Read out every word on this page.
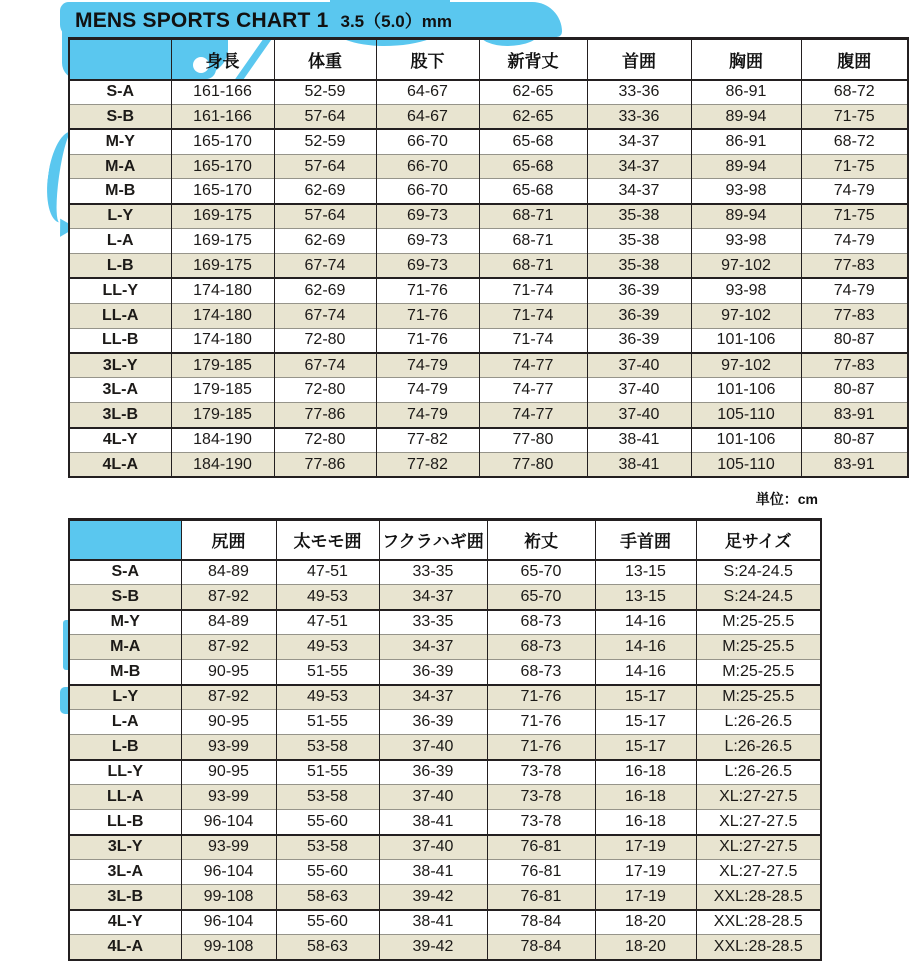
MENS SPORTS CHART 1 3.5（5.0）mm
単位：cm
	身長	体重	股下	新背丈	首囲	胸囲	腹囲
S-A	161-166	52-59	64-67	62-65	33-36	86-91	68-72
S-B	161-166	57-64	64-67	62-65	33-36	89-94	71-75
M-Y	165-170	52-59	66-70	65-68	34-37	86-91	68-72
M-A	165-170	57-64	66-70	65-68	34-37	89-94	71-75
M-B	165-170	62-69	66-70	65-68	34-37	93-98	74-79
L-Y	169-175	57-64	69-73	68-71	35-38	89-94	71-75
L-A	169-175	62-69	69-73	68-71	35-38	93-98	74-79
L-B	169-175	67-74	69-73	68-71	35-38	97-102	77-83
LL-Y	174-180	62-69	71-76	71-74	36-39	93-98	74-79
LL-A	174-180	67-74	71-76	71-74	36-39	97-102	77-83
LL-B	174-180	72-80	71-76	71-74	36-39	101-106	80-87
3L-Y	179-185	67-74	74-79	74-77	37-40	97-102	77-83
3L-A	179-185	72-80	74-79	74-77	37-40	101-106	80-87
3L-B	179-185	77-86	74-79	74-77	37-40	105-110	83-91
4L-Y	184-190	72-80	77-82	77-80	38-41	101-106	80-87
4L-A	184-190	77-86	77-82	77-80	38-41	105-110	83-91
	尻囲	太モモ囲	フクラハギ囲	裄丈	手首囲	足サイズ
S-A	84-89	47-51	33-35	65-70	13-15	S:24-24.5
S-B	87-92	49-53	34-37	65-70	13-15	S:24-24.5
M-Y	84-89	47-51	33-35	68-73	14-16	M:25-25.5
M-A	87-92	49-53	34-37	68-73	14-16	M:25-25.5
M-B	90-95	51-55	36-39	68-73	14-16	M:25-25.5
L-Y	87-92	49-53	34-37	71-76	15-17	M:25-25.5
L-A	90-95	51-55	36-39	71-76	15-17	L:26-26.5
L-B	93-99	53-58	37-40	71-76	15-17	L:26-26.5
LL-Y	90-95	51-55	36-39	73-78	16-18	L:26-26.5
LL-A	93-99	53-58	37-40	73-78	16-18	XL:27-27.5
LL-B	96-104	55-60	38-41	73-78	16-18	XL:27-27.5
3L-Y	93-99	53-58	37-40	76-81	17-19	XL:27-27.5
3L-A	96-104	55-60	38-41	76-81	17-19	XL:27-27.5
3L-B	99-108	58-63	39-42	76-81	17-19	XXL:28-28.5
4L-Y	96-104	55-60	38-41	78-84	18-20	XXL:28-28.5
4L-A	99-108	58-63	39-42	78-84	18-20	XXL:28-28.5
